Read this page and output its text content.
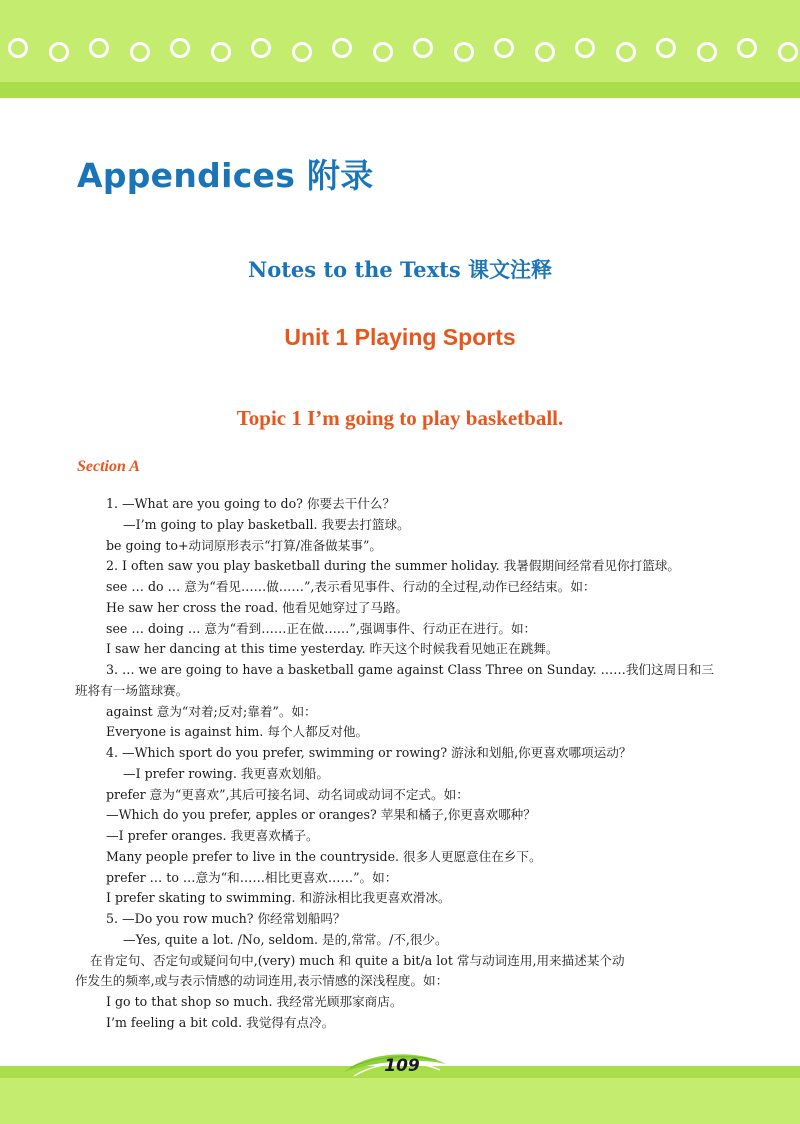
Appendices 附录
Notes to the Texts 课文注释
Unit 1 Playing Sports
Topic 1 I’m going to play basketball.
Section A
1. —What are you going to do? 你要去干什么？
—I’m going to play basketball. 我要去打篮球。
be going to+动词原形表示“打算/准备做某事”。
2. I often saw you play basketball during the summer holiday. 我暑假期间经常看见你打篮球。
see … do … 意为“看见……做……”,表示看见事件、行动的全过程,动作已经结束。如：
He saw her cross the road. 他看见她穿过了马路。
see … doing … 意为“看到……正在做……”,强调事件、行动正在进行。如：
I saw her dancing at this time yesterday. 昨天这个时候我看见她正在跳舞。
3. … we are going to have a basketball game against Class Three on Sunday. ……我们这周日和三
班将有一场篮球赛。
against 意为“对着;反对;靠着”。如：
Everyone is against him. 每个人都反对他。
4. —Which sport do you prefer, swimming or rowing? 游泳和划船,你更喜欢哪项运动？
—I prefer rowing. 我更喜欢划船。
prefer 意为“更喜欢”,其后可接名词、动名词或动词不定式。如：
—Which do you prefer, apples or oranges? 苹果和橘子,你更喜欢哪种？
—I prefer oranges. 我更喜欢橘子。
Many people prefer to live in the countryside. 很多人更愿意住在乡下。
prefer … to …意为“和……相比更喜欢……”。如：
I prefer skating to swimming. 和游泳相比我更喜欢滑冰。
5. —Do you row much? 你经常划船吗？
—Yes, quite a lot. /No, seldom. 是的,常常。/不,很少。
在肯定句、否定句或疑问句中,(very) much 和 quite a bit/a lot 常与动词连用,用来描述某个动
作发生的频率,或与表示情感的动词连用,表示情感的深浅程度。如：
I go to that shop so much. 我经常光顾那家商店。
I’m feeling a bit cold. 我觉得有点冷。
109
